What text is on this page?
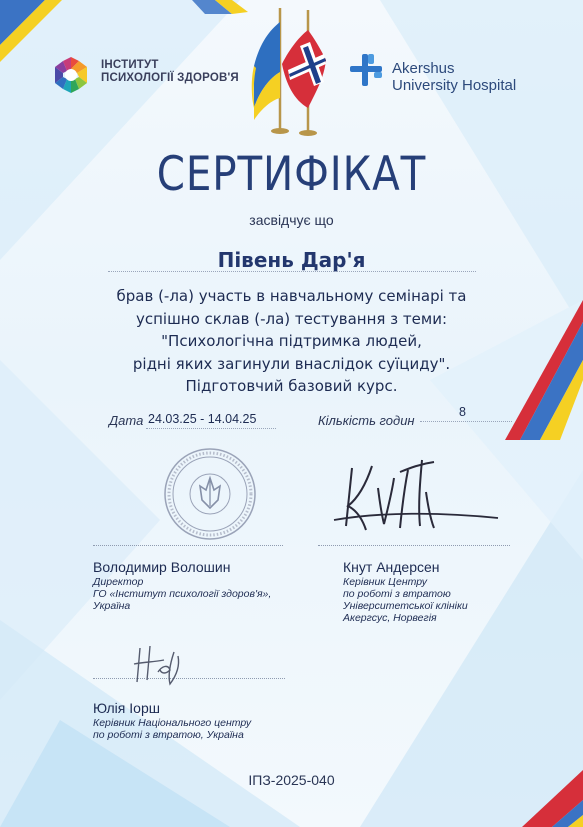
ІНСТИТУТ
ПСИХОЛОГІЇ ЗДОРОВ'Я
Akershus
University Hospital
СЕРТИФІКАТ
засвідчує що
Півень Дар'я
брав (-ла) участь в навчальному семінарі та
успішно склав (-ла) тестування з теми:
"Психологічна підтримка людей,
рідні яких загинули внаслідок суїциду".
Підготовчий базовий курс.
Дата 24.03.25 - 14.04.25	Кількість годин
8
Володимир Волошин
Директор
ГО «Інститут психології здоров'я»,
Україна
Кнут Андерсен
Керівник Центру
по роботі з втратою
Університетської клініки
Акергсус, Норвегія
Юлія Іорш
Керівник Національного центру
по роботі з втратою, Україна
ІПЗ-2025-040
